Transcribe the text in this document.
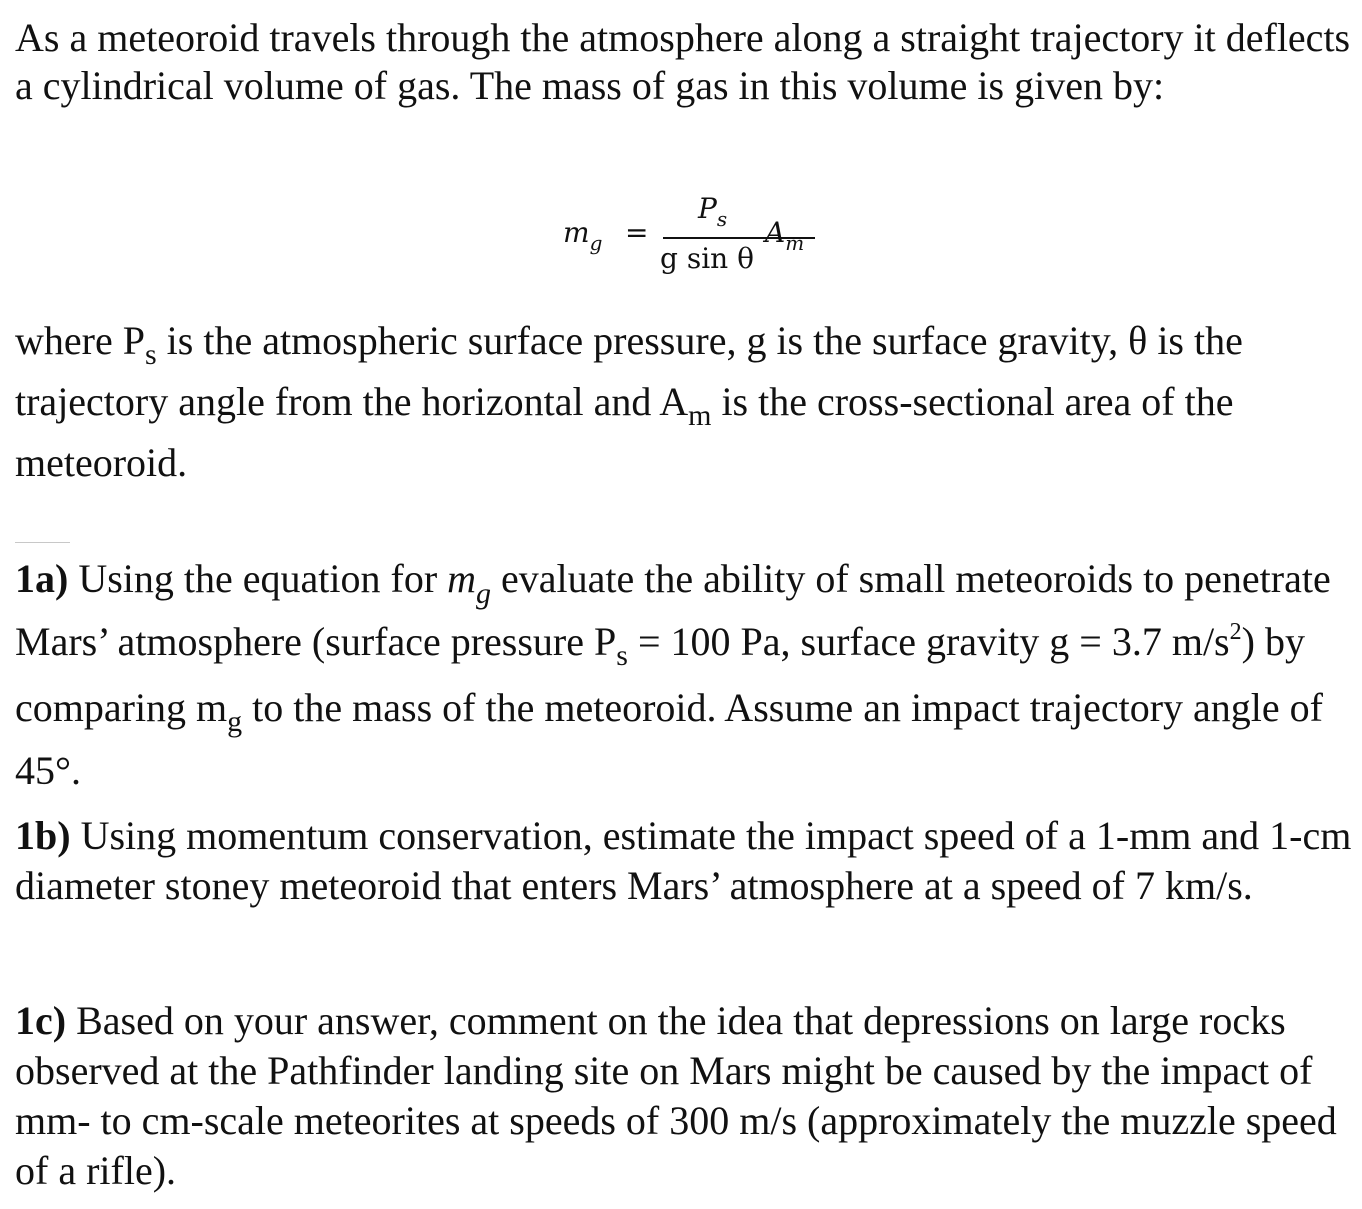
As a meteoroid travels through the atmosphere along a straight trajectory it deflects a cylindrical volume of gas. The mass of gas in this volume is given by:
$m_g$ =
$P_s$
g sin θ
$A_m$
where $P_s$ is the atmospheric surface pressure, g is the surface gravity, θ is the trajectory angle from the horizontal and $A_m$ is the cross-sectional area of the meteoroid.
1a) Using the equation for $m_g$ evaluate the ability of small meteoroids to penetrate Mars’ atmosphere (surface pressure $P_s = 100$ Pa, surface gravity g = 3.7 $m/s^2$) by comparing $m_g$ to the mass of the meteoroid. Assume an impact trajectory angle of 45°.
1b) Using momentum conservation, estimate the impact speed of a 1-mm and 1-cm diameter stoney meteoroid that enters Mars’ atmosphere at a speed of 7 km/s.
1c) Based on your answer, comment on the idea that depressions on large rocks observed at the Pathfinder landing site on Mars might be caused by the impact of mm- to cm-scale meteorites at speeds of 300 m/s (approximately the muzzle speed of a rifle).
